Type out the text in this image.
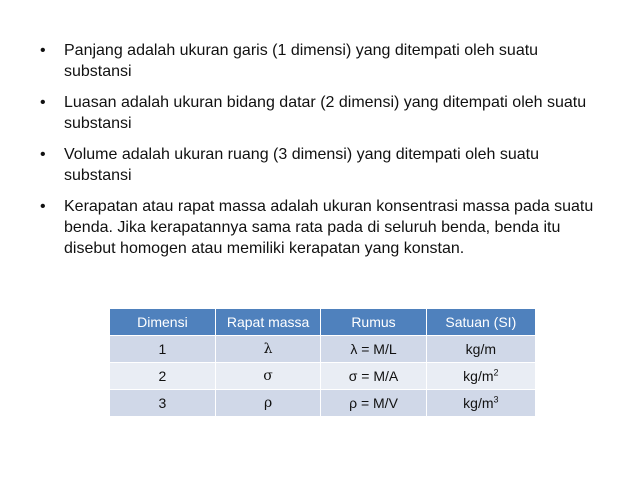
•	Panjang adalah ukuran garis (1 dimensi) yang ditempati oleh suatu substansi
•	Luasan adalah ukuran bidang datar (2 dimensi) yang ditempati oleh suatu substansi
•	Volume adalah ukuran ruang (3 dimensi) yang ditempati oleh suatu substansi
•	Kerapatan atau rapat massa adalah ukuran konsentrasi massa pada suatu benda. Jika kerapatannya sama rata pada di seluruh benda, benda itu disebut homogen atau memiliki kerapatan yang konstan.
Dimensi	Rapat massa	Rumus	Satuan (SI)
1	λ	λ = M/L	kg/m
2	σ	σ = M/A	$kg/m^2$
3	ρ	ρ = M/V	$kg/m^3$
